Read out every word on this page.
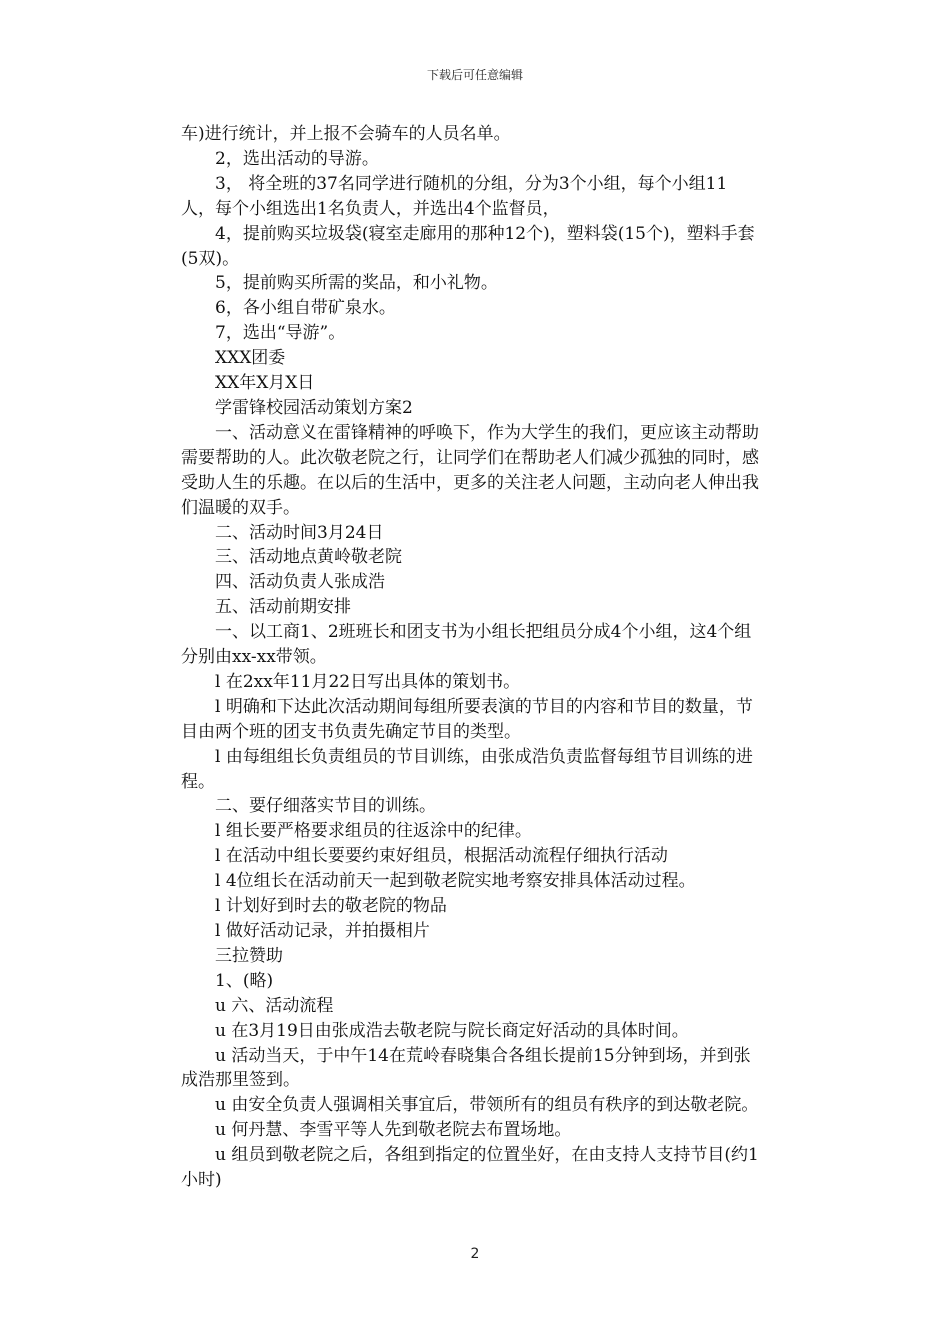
下载后可任意编辑

车)进行统计，并上报不会骑车的人员名单。

2，选出活动的导游。

3， 将全班的37名同学进行随机的分组，分为3个小组，每个小组11人，每个小组选出1名负责人，并选出4个监督员，

4，提前购买垃圾袋(寝室走廊用的那种12个)，塑料袋(15个)，塑料手套(5双)。

5，提前购买所需的奖品，和小礼物。

6，各小组自带矿泉水。

7，选出“导游”。

XXX团委

XX年X月X日

学雷锋校园活动策划方案2

一、活动意义在雷锋精神的呼唤下，作为大学生的我们，更应该主动帮助需要帮助的人。此次敬老院之行，让同学们在帮助老人们减少孤独的同时，感受助人生的乐趣。在以后的生活中，更多的关注老人问题，主动向老人伸出我们温暖的双手。

二、活动时间3月24日

三、活动地点黄岭敬老院

四、活动负责人张成浩

五、活动前期安排

一、以工商1、2班班长和团支书为小组长把组员分成4个小组，这4个组分别由xx-xx带领。

l 在2xx年11月22日写出具体的策划书。

l 明确和下达此次活动期间每组所要表演的节目的内容和节目的数量，节目由两个班的团支书负责先确定节目的类型。

l 由每组组长负责组员的节目训练，由张成浩负责监督每组节目训练的进程。

二、要仔细落实节目的训练。

l 组长要严格要求组员的往返涂中的纪律。

l 在活动中组长要要约束好组员，根据活动流程仔细执行活动

l 4位组长在活动前天一起到敬老院实地考察安排具体活动过程。

l 计划好到时去的敬老院的物品

l 做好活动记录，并拍摄相片

三拉赞助

1、(略)

u 六、活动流程

u 在3月19日由张成浩去敬老院与院长商定好活动的具体时间。

u 活动当天，于中午14在荒岭春晓集合各组长提前15分钟到场，并到张成浩那里签到。

u 由安全负责人强调相关事宜后，带领所有的组员有秩序的到达敬老院。

u 何丹慧、李雪平等人先到敬老院去布置场地。

u 组员到敬老院之后，各组到指定的位置坐好，在由支持人支持节目(约1小时)

2
